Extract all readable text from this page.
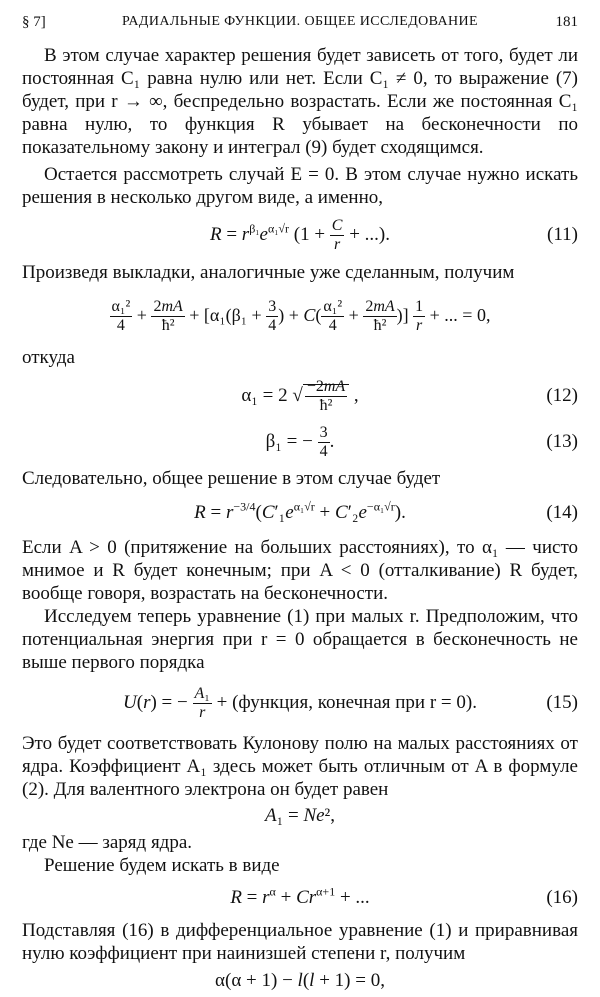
§ 7]	РАДИАЛЬНЫЕ ФУНКЦИИ. ОБЩЕЕ ИССЛЕДОВАНИЕ	181

В этом случае характер решения будет зависеть от того, будет ли постоянная C₁ равна нулю или нет. Если C₁ ≠ 0, то выражение (7) будет, при r → ∞, беспредельно возрастать. Если же постоянная C₁ равна нулю, то функция R убывает на бесконечности по показательному закону и интеграл (9) будет сходящимся.

Остается рассмотреть случай E = 0. В этом случае нужно искать решения в несколько другом виде, а именно,

$R = r^{\beta_1}e^{\alpha_1√r}$ ($1 + \frac{C}{r}$ + ...).	(11)

Произведя выкладки, аналогичные уже сделанным, получим

$\frac{\text{α₁²}}{4} + \frac{2mA}{\text{ħ²}} + [\alpha_1(\beta_1 + \frac{3}{4}$ ) + $C( \frac{\text{α₁²}}{4} + \frac{2mA}{\text{ħ²}}$ )] $\frac{1}{r}$ + ... = 0,

откуда

α₁ = 2 √ $\frac{-2mA}{\text{ħ²}}$ ,	(12)
β₁ = − $\frac{3}{4}$ .	(13)

Следовательно, общее решение в этом случае будет

$R = r^{-3/4}(C'_1e^{\alpha_1√r} + C'_2e^{-\alpha_1√r})$.	(14)

Если A > 0 (притяжение на больших расстояниях), то α₁ — чисто мнимое и R будет конечным; при A < 0 (отталкивание) R будет, вообще говоря, возрастать на бесконечности.

Исследуем теперь уравнение (1) при малых r. Предположим, что потенциальная энергия при r = 0 обращается в бесконечность не выше первого порядка

U(r) = − $\frac{\text{A₁}}{r}$ + (функция, конечная при r = 0).	(15)

Это будет соответствовать Кулонову полю на малых расстояниях от ядра. Коэффициент A₁ здесь может быть отличным от A в формуле (2). Для валентного электрона он будет равен

A₁ = Ne²,

где Ne — заряд ядра.

Решение будем искать в виде

$R = r^\alpha + Cr^{\alpha+1}$ + ...	(16)

Подставляя (16) в дифференциальное уравнение (1) и приравнивая нулю коэффициент при наинизшей степени r, получим

α(α + 1) − l(l + 1) = 0,
